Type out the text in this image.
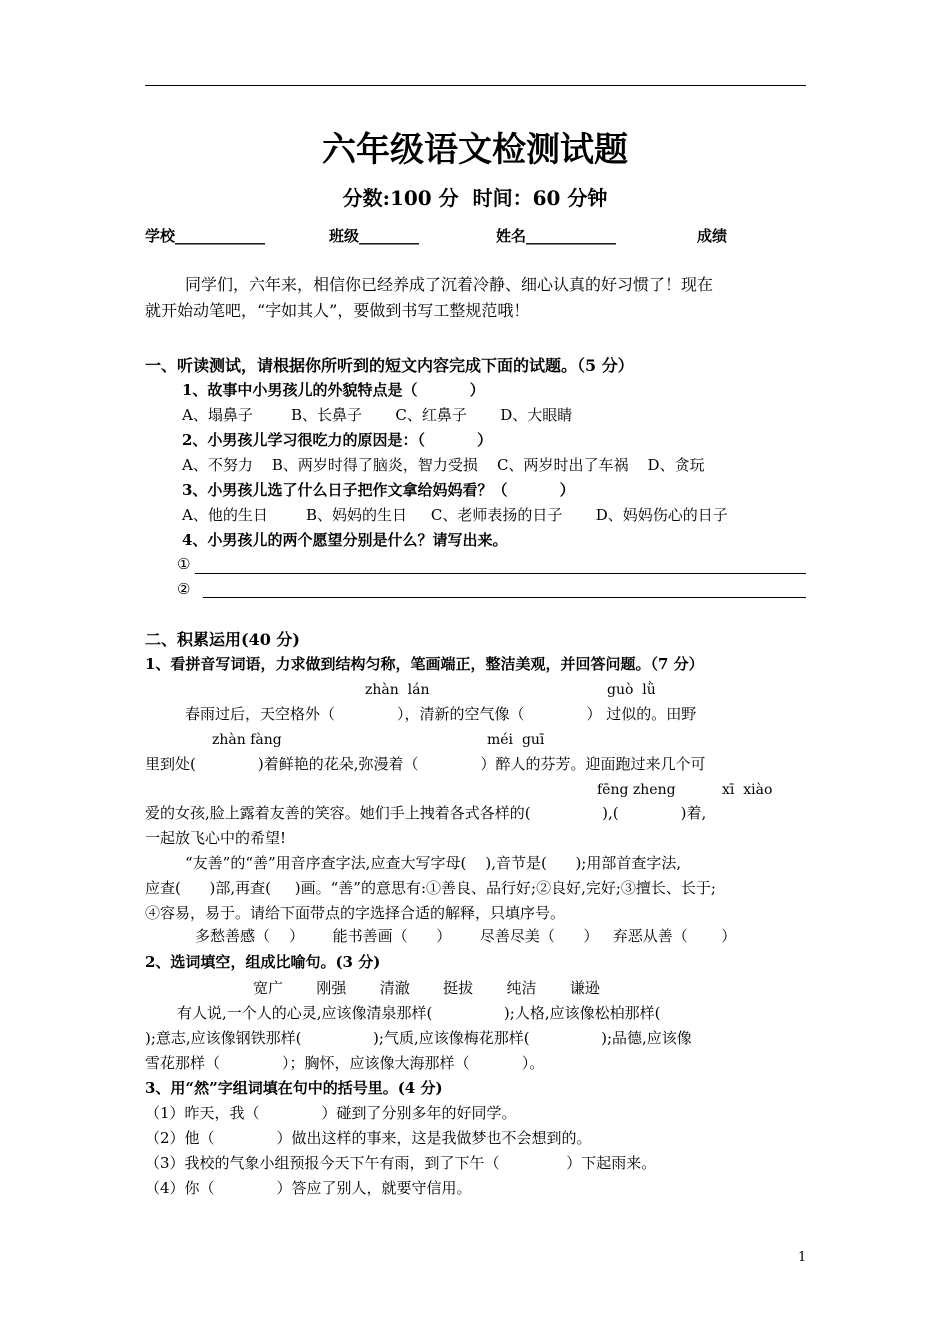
六年级语文检测试题
分数:100 分  时间：60 分钟
学校____________	班级________	姓名____________	成绩
同学们，六年来，相信你已经养成了沉着冷静、细心认真的好习惯了！现在
就开始动笔吧，“字如其人”，要做到书写工整规范哦！
一、听读测试，请根据你所听到的短文内容完成下面的试题。（5 分）
1、故事中小男孩儿的外貌特点是（          ）
A、塌鼻子        B、长鼻子       C、红鼻子       D、大眼睛
2、小男孩儿学习很吃力的原因是：（          ）
A、不努力    B、两岁时得了脑炎，智力受损    C、两岁时出了车祸    D、贪玩
3、小男孩儿选了什么日子把作文拿给妈妈看？（          ）
A、他的生日        B、妈妈的生日     C、老师表扬的日子       D、妈妈伤心的日子
4、小男孩儿的两个愿望分别是什么？请写出来。
①
②
二、积累运用(40 分)
1、看拼音写词语，力求做到结构匀称，笔画端正，整洁美观，并回答问题。（7 分）
zhàn  lán	guò  lǜ
春雨过后，天空格外（             ），清新的空气像（             ） 过似的。田野
zhàn fàng	méi  guī
里到处(             )着鲜艳的花朵,弥漫着（             ）醉人的芬芳。迎面跑过来几个可
fēng zheng	xī  xiào
爱的女孩,脸上露着友善的笑容。她们手上拽着各式各样的(               ),(             )着,
一起放飞心中的希望!
“友善”的“善”用音序查字法,应查大写字母(    ),音节是(      );用部首查字法,
应查(      )部,再查(     )画。“善”的意思有:①善良、品行好;②良好,完好;③擅长、长于;
④容易，易于。请给下面带点的字选择合适的解释，只填序号。
多愁善感（    ）      能书善画（      ）      尽善尽美（      ）   弃恶从善（       ）
2、选词填空，组成比喻句。(3 分)
宽广       刚强       清澈       挺拔       纯洁       谦逊
有人说,一个人的心灵,应该像清泉那样(               );人格,应该像松柏那样(
);意志,应该像钢铁那样(               );气质,应该像梅花那样(               );品德,应该像
雪花那样（             ）；胸怀，应该像大海那样（           ）。
3、用“然”字组词填在句中的括号里。(4 分)
（1）昨天，我（             ）碰到了分别多年的好同学。
（2）他（             ）做出这样的事来，这是我做梦也不会想到的。
（3）我校的气象小组预报今天下午有雨，到了下午（              ）下起雨来。
（4）你（             ）答应了别人，就要守信用。
1
